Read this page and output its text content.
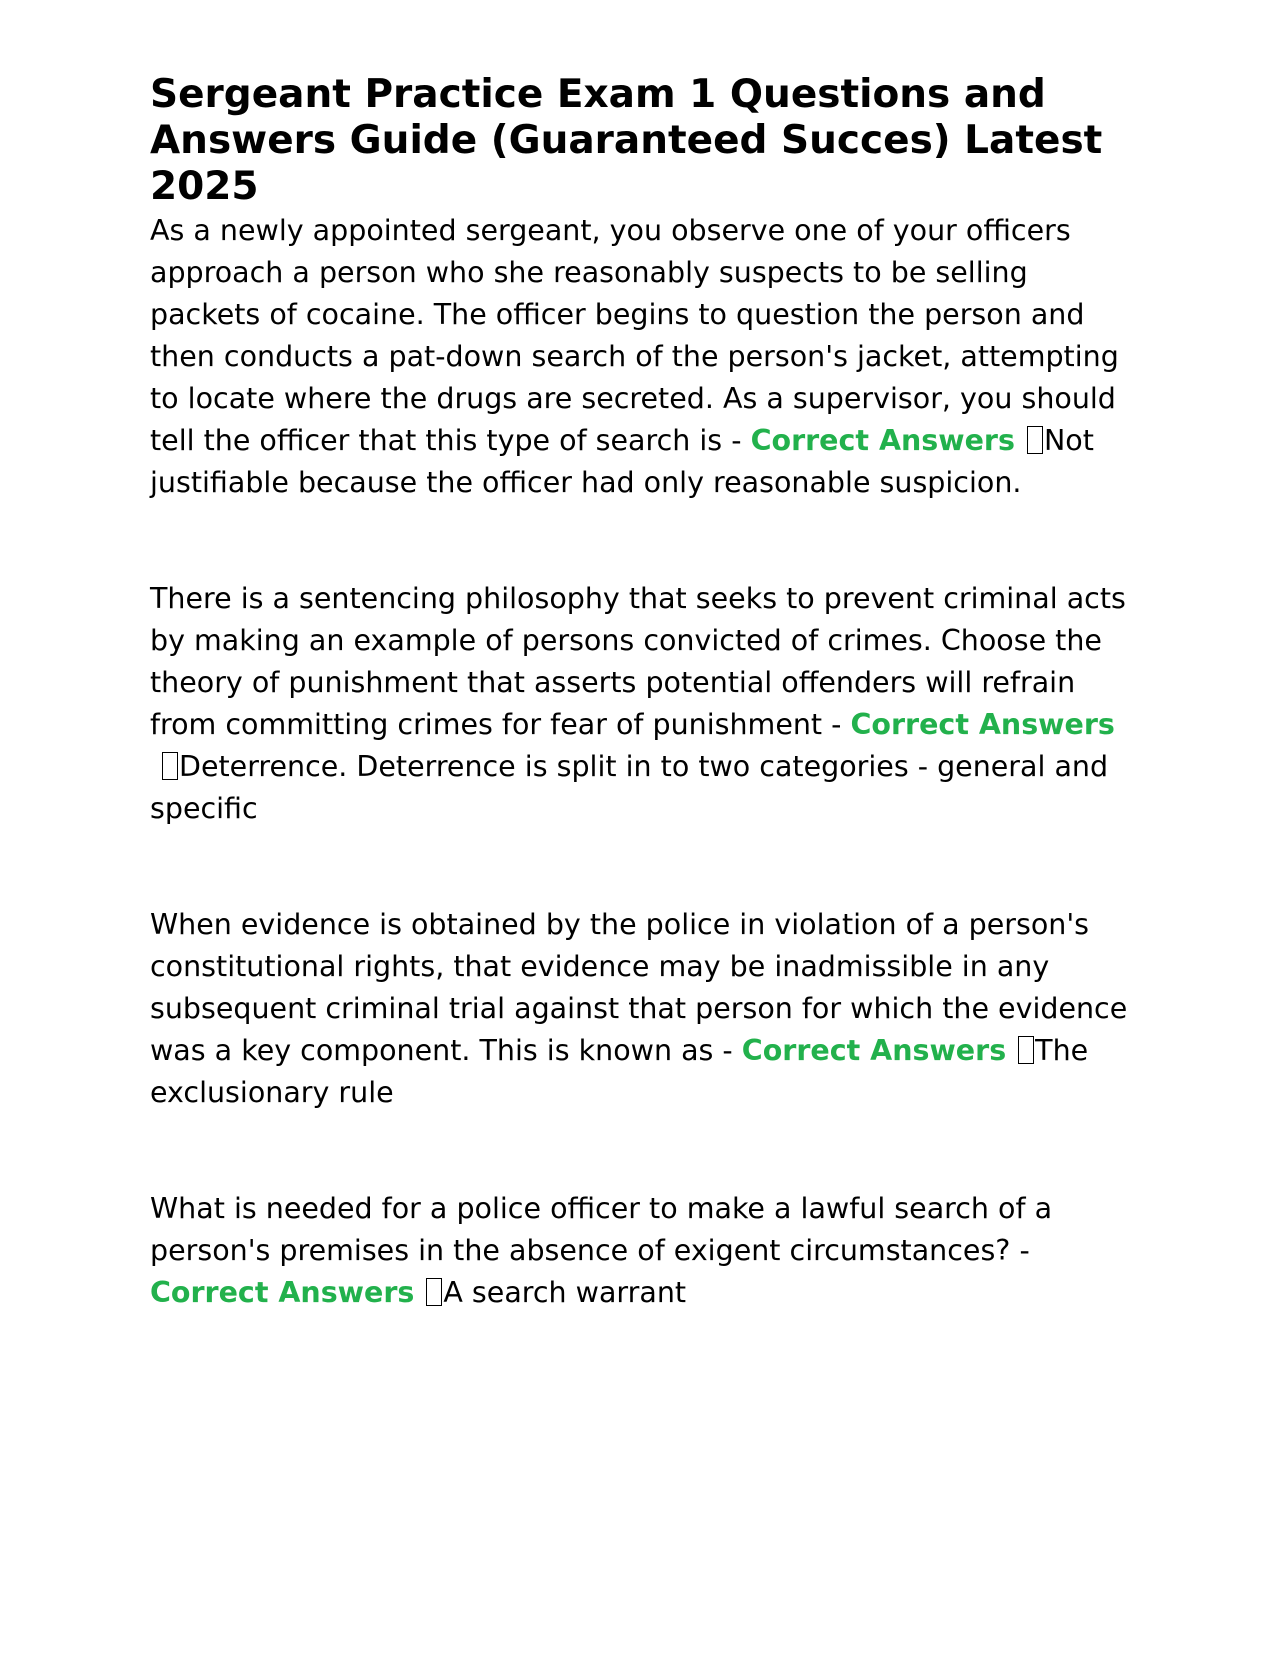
Sergeant Practice Exam 1 Questions and Answers Guide (Guaranteed Succes) Latest 2025

As a newly appointed sergeant, you observe one of your officers approach a person who she reasonably suspects to be selling packets of cocaine. The officer begins to question the person and then conducts a pat-down search of the person's jacket, attempting to locate where the drugs are secreted. As a supervisor, you should tell the officer that this type of search is - Correct Answers Not justifiable because the officer had only reasonable suspicion.

There is a sentencing philosophy that seeks to prevent criminal acts by making an example of persons convicted of crimes. Choose the theory of punishment that asserts potential offenders will refrain from committing crimes for fear of punishment - Correct AnswersDeterrence. Deterrence is split in to two categories - general and specific

When evidence is obtained by the police in violation of a person's constitutional rights, that evidence may be inadmissible in any subsequent criminal trial against that person for which the evidence was a key component. This is known as - Correct Answers The exclusionary rule

What is needed for a police officer to make a lawful search of a person's premises in the absence of exigent circumstances? - Correct Answers A search warrant
